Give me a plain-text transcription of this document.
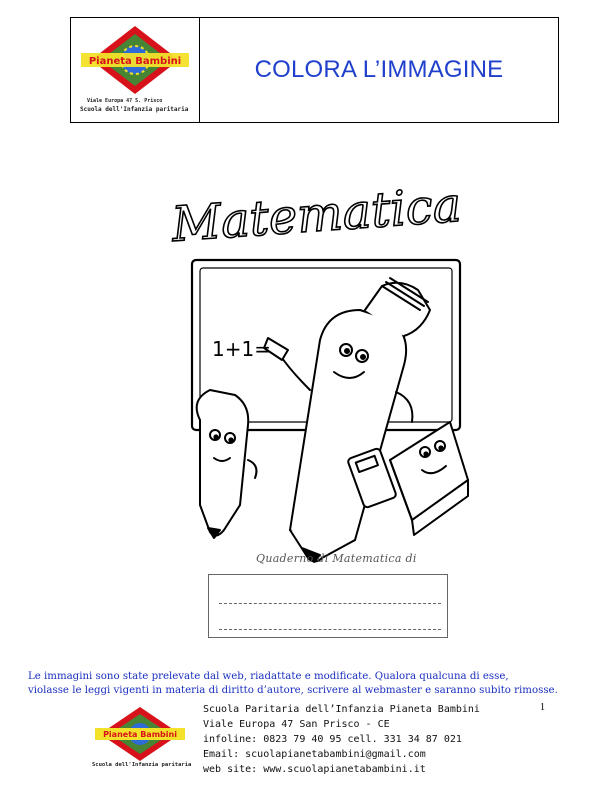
Pianeta Bambini
Viale Europa 47 S. Prisco
Scuola dell'Infanzia paritaria
COLORA L’IMMAGINE
1+1=
Matematica
Quaderno di Matematica di
Le immagini sono state prelevate dal web, riadattate e modificate. Qualora qualcuna di esse,
violasse le leggi vigenti in materia di diritto d’autore, scrivere al webmaster e saranno subito rimosse.
1
Pianeta Bambini
Scuola dell'Infanzia paritaria
Scuola Paritaria dell’Infanzia Pianeta Bambini
Viale Europa 47 San Prisco - CE
infoline: 0823 79 40 95 cell. 331 34 87 021
Email: scuolapianetabambini@gmail.com
web site: www.scuolapianetabambini.it
